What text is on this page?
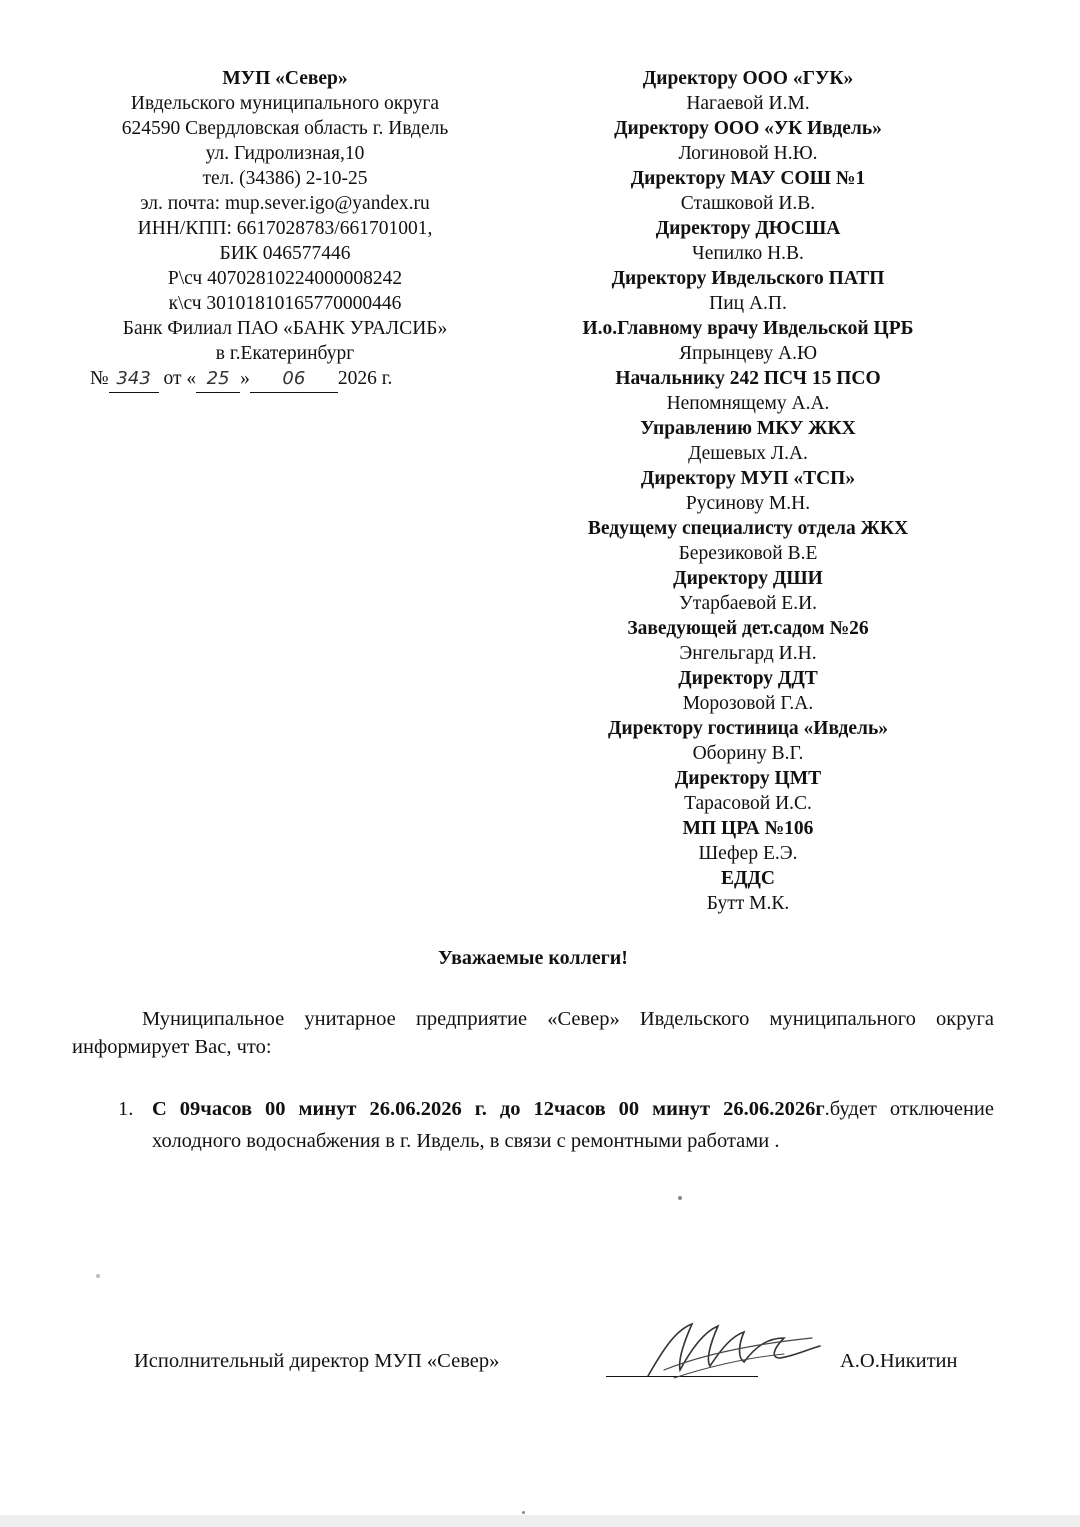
МУП «Север»
Ивдельского муниципального округа
624590 Свердловская область г. Ивдель
ул. Гидролизная,10
тел. (34386) 2-10-25
эл. почта: mup.sever.igo@yandex.ru
ИНН/КПП: 6617028783/661701001,
БИК 046577446
Р\сч 40702810224000008242
к\сч 30101810165770000446
Банк Филиал ПАО «БАНК УРАЛСИБ»
в г.Екатеринбург
№ 343 от « 25 » 06 2026 г.
Директору ООО «ГУК»
Нагаевой И.М.
Директору ООО «УК Ивдель»
Логиновой Н.Ю.
Директору МАУ СОШ №1
Сташковой И.В.
Директору ДЮСША
Чепилко Н.В.
Директору Ивдельского ПАТП
Пиц А.П.
И.о.Главному врачу Ивдельской ЦРБ
Япрынцеву А.Ю
Начальнику 242 ПСЧ 15 ПСО
Непомнящему А.А.
Управлению МКУ ЖКХ
Дешевых Л.А.
Директору МУП «ТСП»
Русинову М.Н.
Ведущему специалисту отдела ЖКХ
Березиковой В.Е
Директору ДШИ
Утарбаевой Е.И.
Заведующей дет.садом №26
Энгельгард И.Н.
Директору ДДТ
Морозовой Г.А.
Директору гостиница «Ивдель»
Оборину В.Г.
Директору ЦМТ
Тарасовой И.С.
МП ЦРА №106
Шефер Е.Э.
ЕДДС
Бутт М.К.
Уважаемые коллеги!
Муниципальное унитарное предприятие «Север» Ивдельского муниципального округа информирует Вас, что:
1. С 09часов 00 минут 26.06.2026 г. до 12часов 00 минут 26.06.2026г.будет отключение холодного водоснабжения в г. Ивдель, в связи с ремонтными работами .
Исполнительный директор МУП «Север»	А.О.Никитин
